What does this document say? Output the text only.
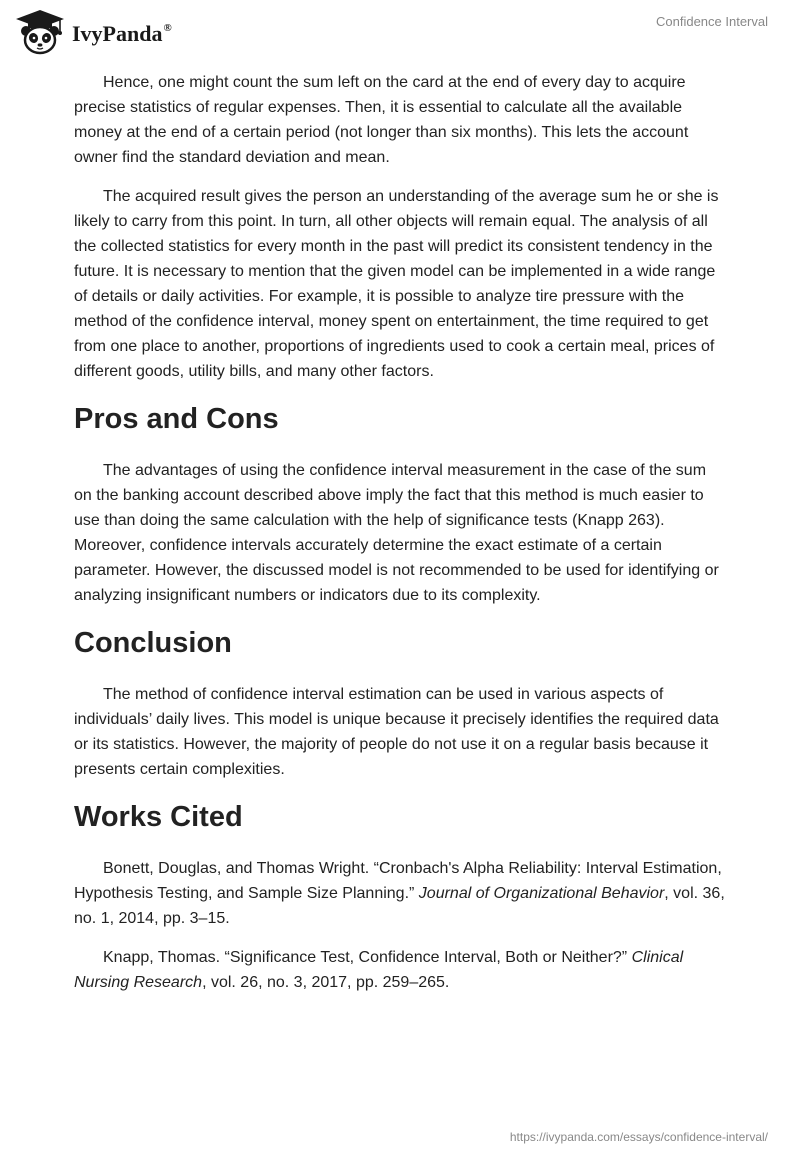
IvyPanda®	Confidence Interval

Hence, one might count the sum left on the card at the end of every day to acquire precise statistics of regular expenses. Then, it is essential to calculate all the available money at the end of a certain period (not longer than six months). This lets the account owner find the standard deviation and mean.

The acquired result gives the person an understanding of the average sum he or she is likely to carry from this point. In turn, all other objects will remain equal. The analysis of all the collected statistics for every month in the past will predict its consistent tendency in the future. It is necessary to mention that the given model can be implemented in a wide range of details or daily activities. For example, it is possible to analyze tire pressure with the method of the confidence interval, money spent on entertainment, the time required to get from one place to another, proportions of ingredients used to cook a certain meal, prices of different goods, utility bills, and many other factors.

Pros and Cons

The advantages of using the confidence interval measurement in the case of the sum on the banking account described above imply the fact that this method is much easier to use than doing the same calculation with the help of significance tests (Knapp 263). Moreover, confidence intervals accurately determine the exact estimate of a certain parameter. However, the discussed model is not recommended to be used for identifying or analyzing insignificant numbers or indicators due to its complexity.

Conclusion

The method of confidence interval estimation can be used in various aspects of individuals’ daily lives. This model is unique because it precisely identifies the required data or its statistics. However, the majority of people do not use it on a regular basis because it presents certain complexities.

Works Cited

Bonett, Douglas, and Thomas Wright. “Cronbach's Alpha Reliability: Interval Estimation, Hypothesis Testing, and Sample Size Planning.” Journal of Organizational Behavior, vol. 36, no. 1, 2014, pp. 3–15.

Knapp, Thomas. “Significance Test, Confidence Interval, Both or Neither?” Clinical Nursing Research, vol. 26, no. 3, 2017, pp. 259–265.

https://ivypanda.com/essays/confidence-interval/
